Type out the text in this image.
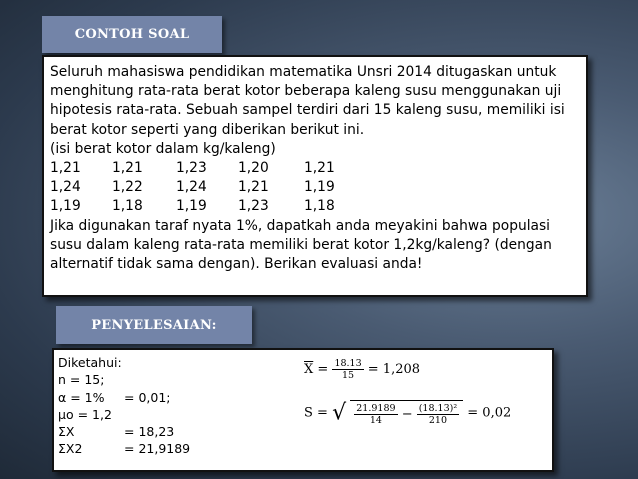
CONTOH SOAL

Seluruh mahasiswa pendidikan matematika Unsri 2014 ditugaskan untuk

menghitung rata-rata berat kotor beberapa kaleng susu menggunakan uji

hipotesis rata-rata. Sebuah sampel terdiri dari 15 kaleng susu, memiliki isi

berat kotor seperti yang diberikan berikut ini.

(isi berat kotor dalam kg/kaleng)

1,21 1,21 1,23 1,20	1,21

1,24 1,22 1,24 1,21	1,19

1,19 1,18 1,19 1,23	1,18

Jika digunakan taraf nyata 1%, dapatkah anda meyakini bahwa populasi

susu dalam kaleng rata-rata memiliki berat kotor 1,2kg/kaleng? (dengan

alternatif tidak sama dengan). Berikan evaluasi anda!

PENYELESAIAN:
Diketahui:
n = 15;
α = 1% = 0,01;
μo = 1,2
ΣX	= 18,23
ΣX2	= 21,9189
$\overline{X} = \frac{18.13}{15} = 1,208$
S = √ $\frac{21.9189}{14} - \frac{\text{(18.13)²}}{210} = 0,02$
